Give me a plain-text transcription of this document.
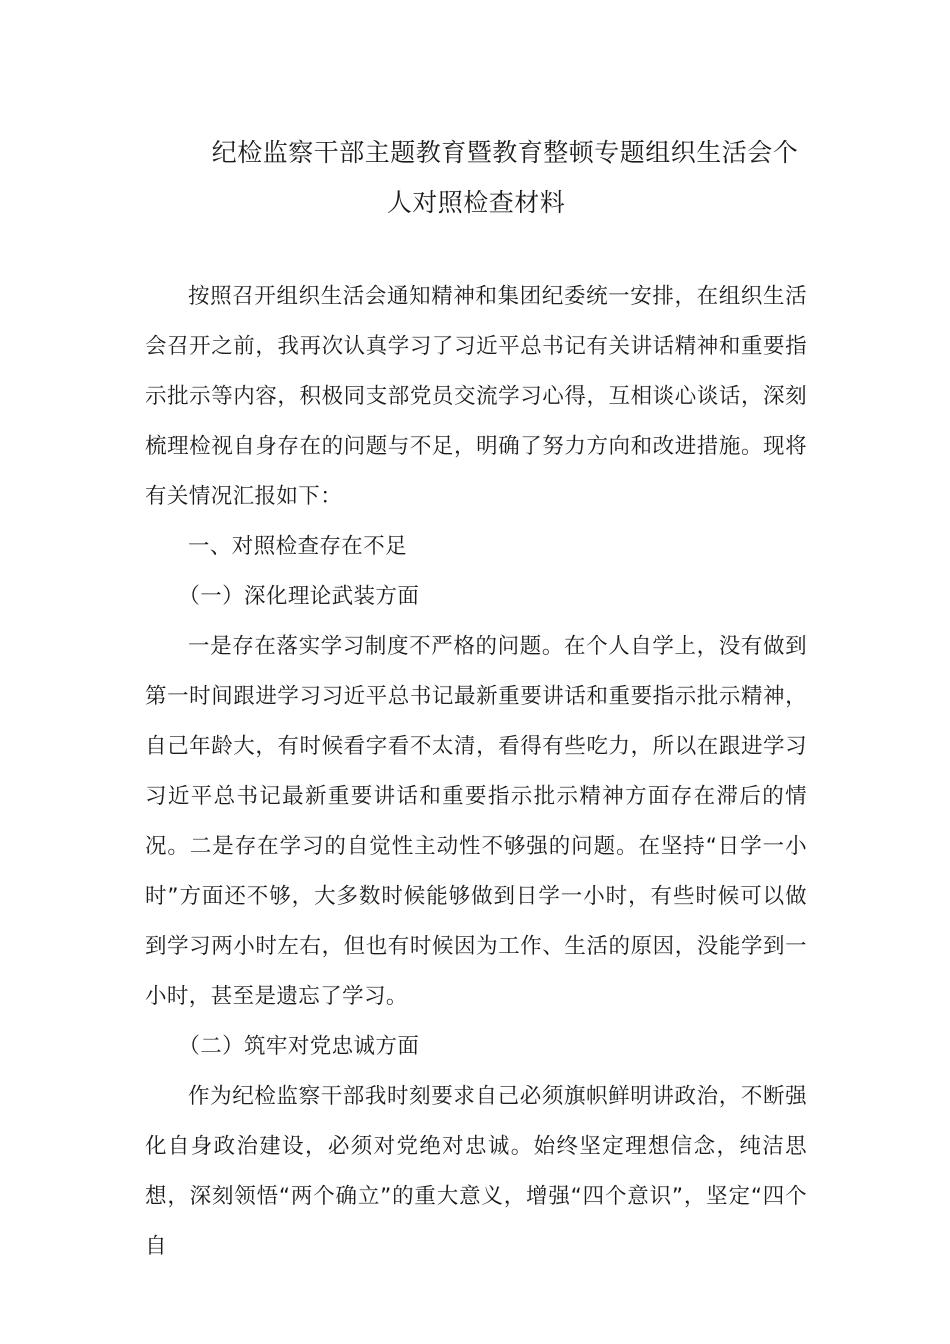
纪检监察干部主题教育暨教育整顿专题组织生活会个
人对照检查材料

按照召开组织生活会通知精神和集团纪委统一安排，在组织生活会召开之前，我再次认真学习了习近平总书记有关讲话精神和重要指示批示等内容，积极同支部党员交流学习心得，互相谈心谈话，深刻梳理检视自身存在的问题与不足，明确了努力方向和改进措施。现将有关情况汇报如下：

一、对照检查存在不足

（一）深化理论武装方面

一是存在落实学习制度不严格的问题。在个人自学上，没有做到第一时间跟进学习习近平总书记最新重要讲话和重要指示批示精神，自己年龄大，有时候看字看不太清，看得有些吃力，所以在跟进学习习近平总书记最新重要讲话和重要指示批示精神方面存在滞后的情况。二是存在学习的自觉性主动性不够强的问题。在坚持“日学一小时”方面还不够，大多数时候能够做到日学一小时，有些时候可以做到学习两小时左右，但也有时候因为工作、生活的原因，没能学到一小时，甚至是遗忘了学习。

（二）筑牢对党忠诚方面

作为纪检监察干部我时刻要求自己必须旗帜鲜明讲政治，不断强化自身政治建设，必须对党绝对忠诚。始终坚定理想信念，纯洁思想，深刻领悟“两个确立”的重大意义，增强“四个意识”，坚定“四个自
